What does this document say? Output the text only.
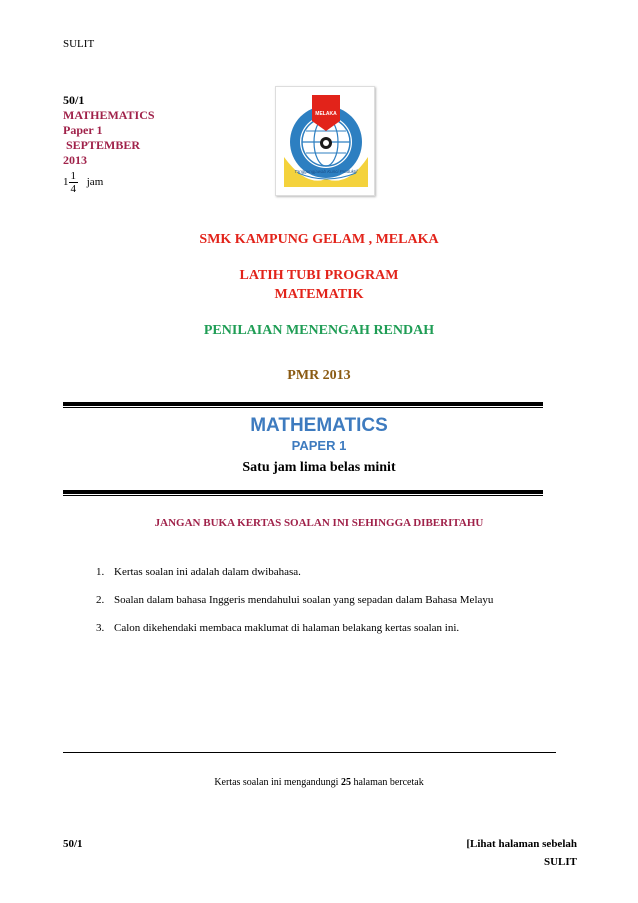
SULIT
50/1
MATHEMATICS
Paper 1
SEPTEMBER
2013
$1 \frac{1}{4}$ jam
MELAKA
Tanggungjawab Kunci Produktif
SMK KAMPUNG GELAM , MELAKA
LATIH TUBI PROGRAM
MATEMATIK
PENILAIAN MENENGAH RENDAH
PMR 2013
MATHEMATICS
PAPER 1
Satu jam lima belas minit
JANGAN BUKA KERTAS SOALAN INI SEHINGGA DIBERITAHU
1. Kertas soalan ini adalah dalam dwibahasa.
2. Soalan dalam bahasa Inggeris mendahului soalan yang sepadan dalam Bahasa Melayu
3. Calon dikehendaki membaca maklumat di halaman belakang kertas soalan ini.
Kertas soalan ini mengandungi 25 halaman bercetak
50/1	[Lihat halaman sebelah
SULIT
